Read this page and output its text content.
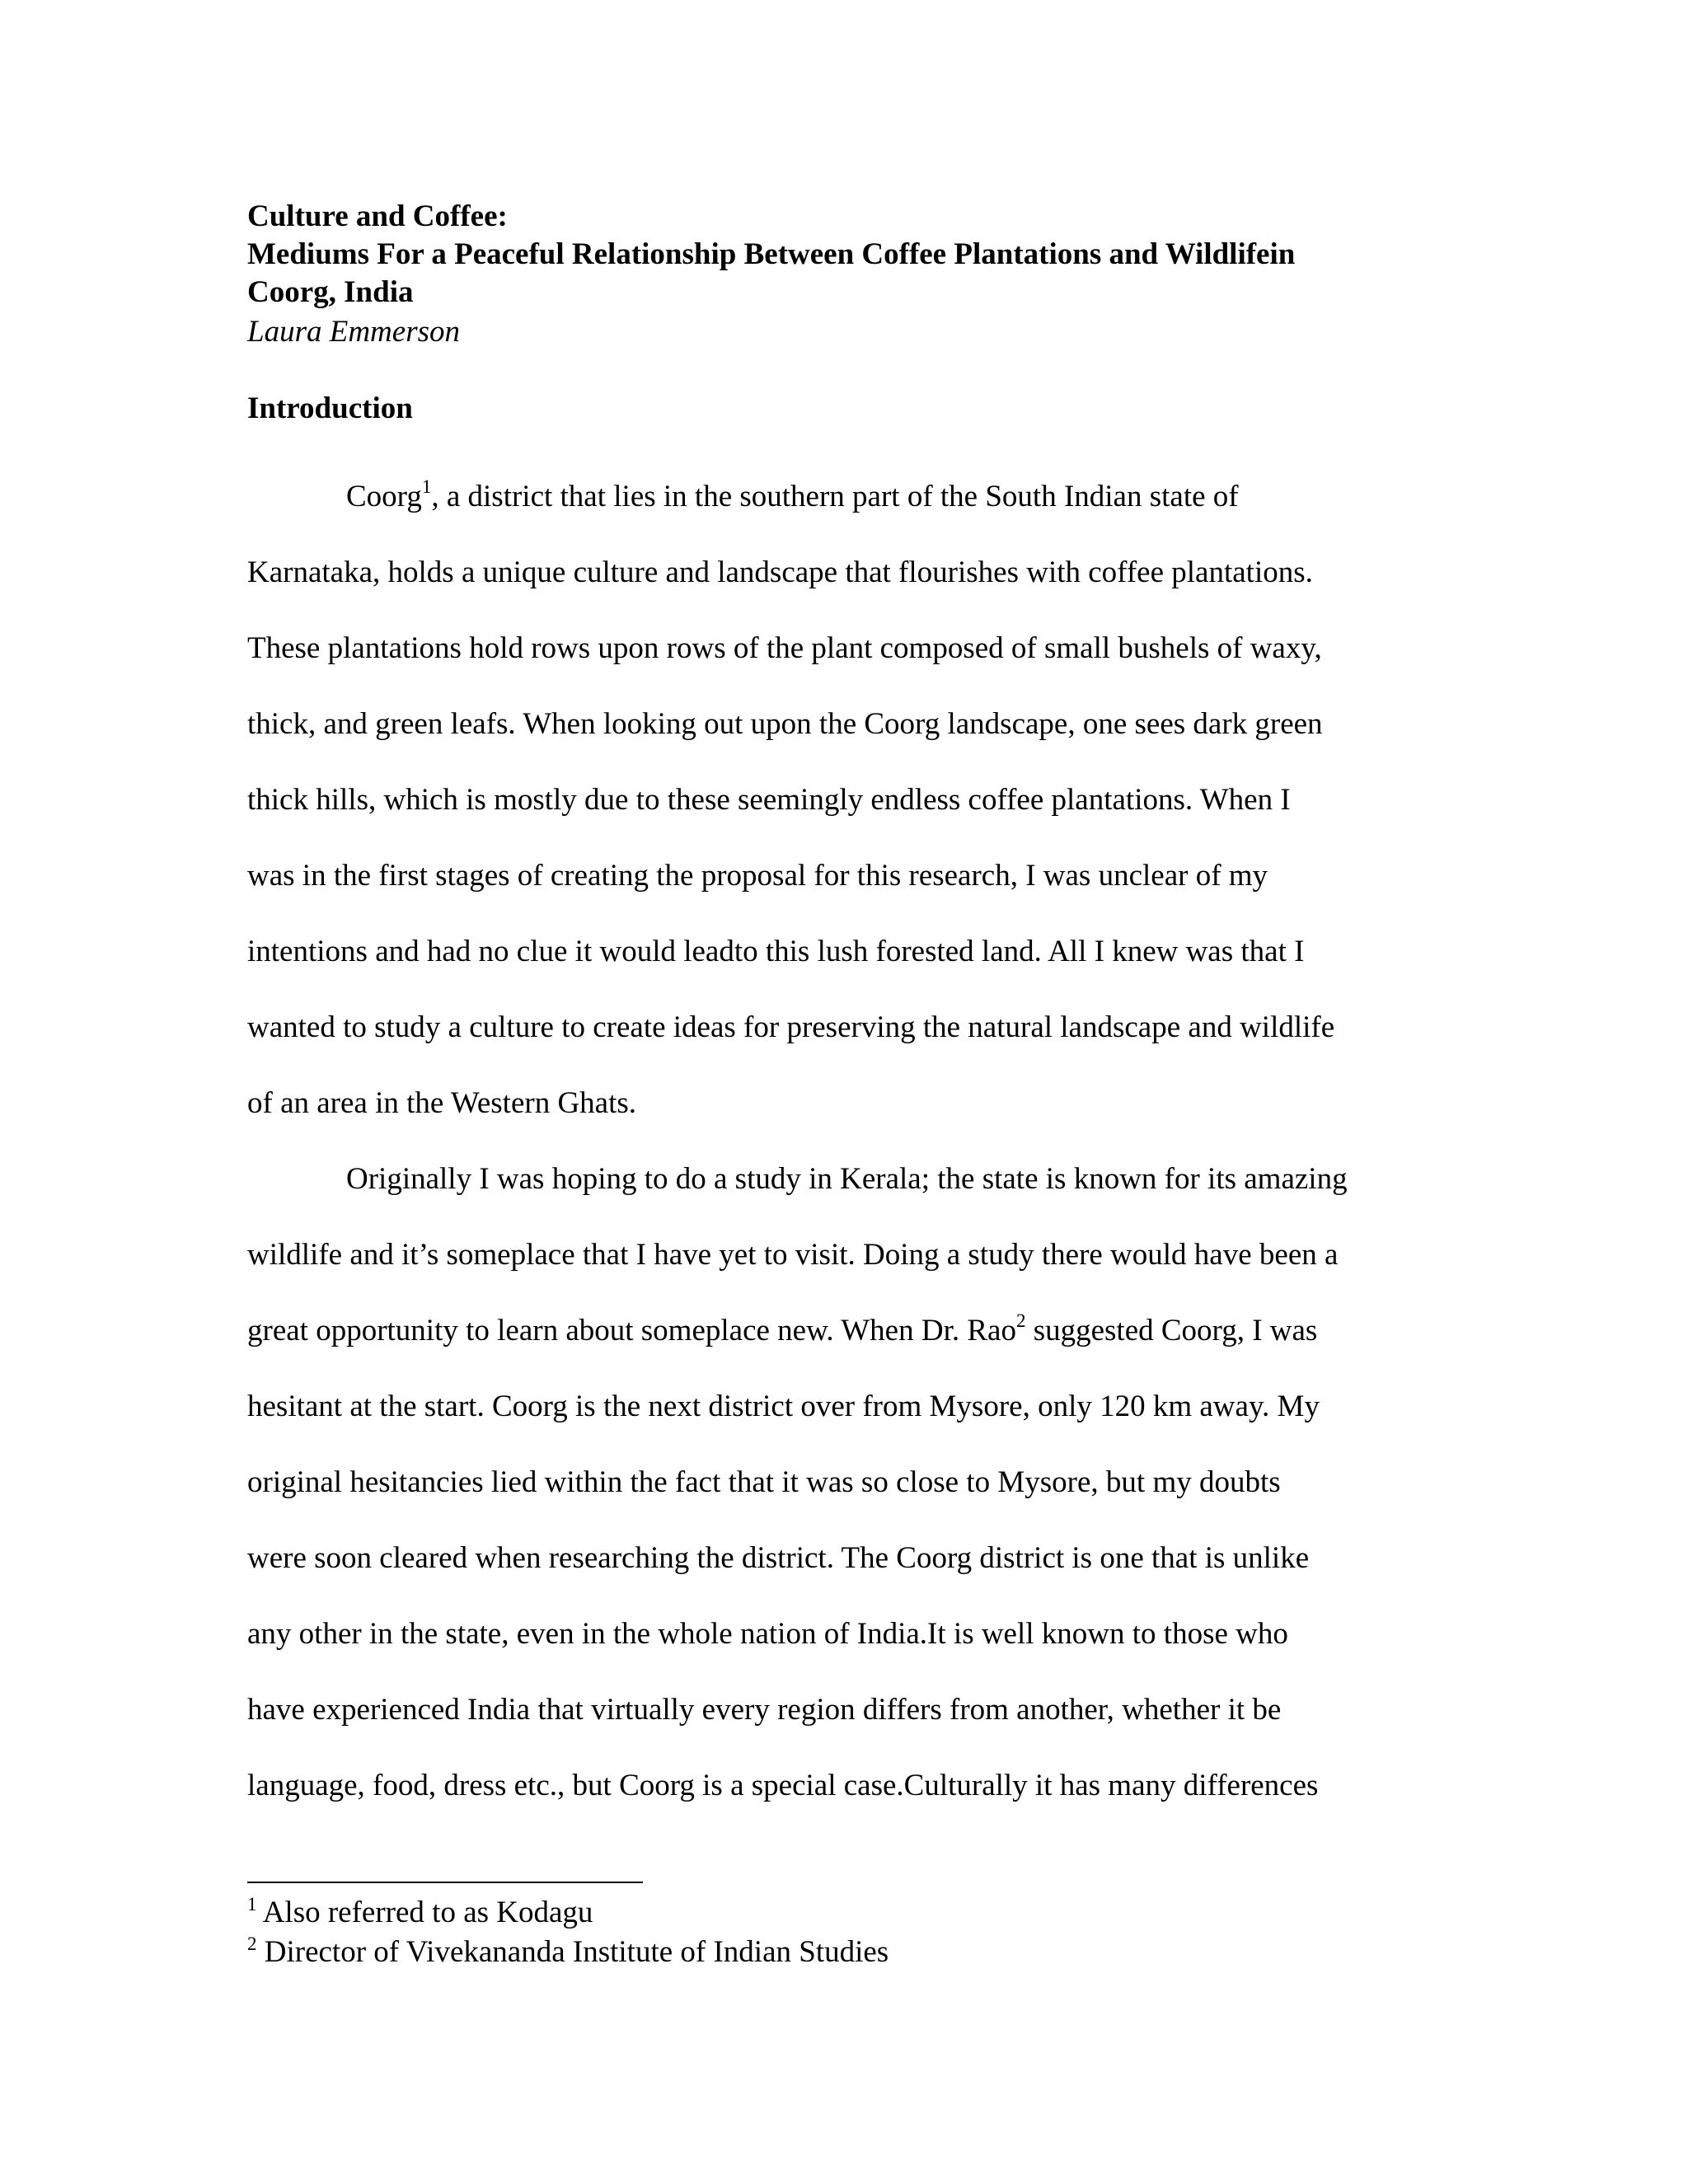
Culture and Coffee:
Mediums For a Peaceful Relationship Between Coffee Plantations and Wildlifein
Coorg, India
Laura Emmerson
Introduction
Coorg$^1$, a district that lies in the southern part of the South Indian state of
Karnataka, holds a unique culture and landscape that flourishes with coffee plantations.
These plantations hold rows upon rows of the plant composed of small bushels of waxy,
thick, and green leafs. When looking out upon the Coorg landscape, one sees dark green
thick hills, which is mostly due to these seemingly endless coffee plantations. When I
was in the first stages of creating the proposal for this research, I was unclear of my
intentions and had no clue it would leadto this lush forested land. All I knew was that I
wanted to study a culture to create ideas for preserving the natural landscape and wildlife
of an area in the Western Ghats.
Originally I was hoping to do a study in Kerala; the state is known for its amazing
wildlife and it’s someplace that I have yet to visit. Doing a study there would have been a
great opportunity to learn about someplace new. When Dr. Rao$^2$ suggested Coorg, I was
hesitant at the start. Coorg is the next district over from Mysore, only 120 km away. My
original hesitancies lied within the fact that it was so close to Mysore, but my doubts
were soon cleared when researching the district. The Coorg district is one that is unlike
any other in the state, even in the whole nation of India.It is well known to those who
have experienced India that virtually every region differs from another, whether it be
language, food, dress etc., but Coorg is a special case.Culturally it has many differences
$^1$ Also referred to as Kodagu
$^2$ Director of Vivekananda Institute of Indian Studies
